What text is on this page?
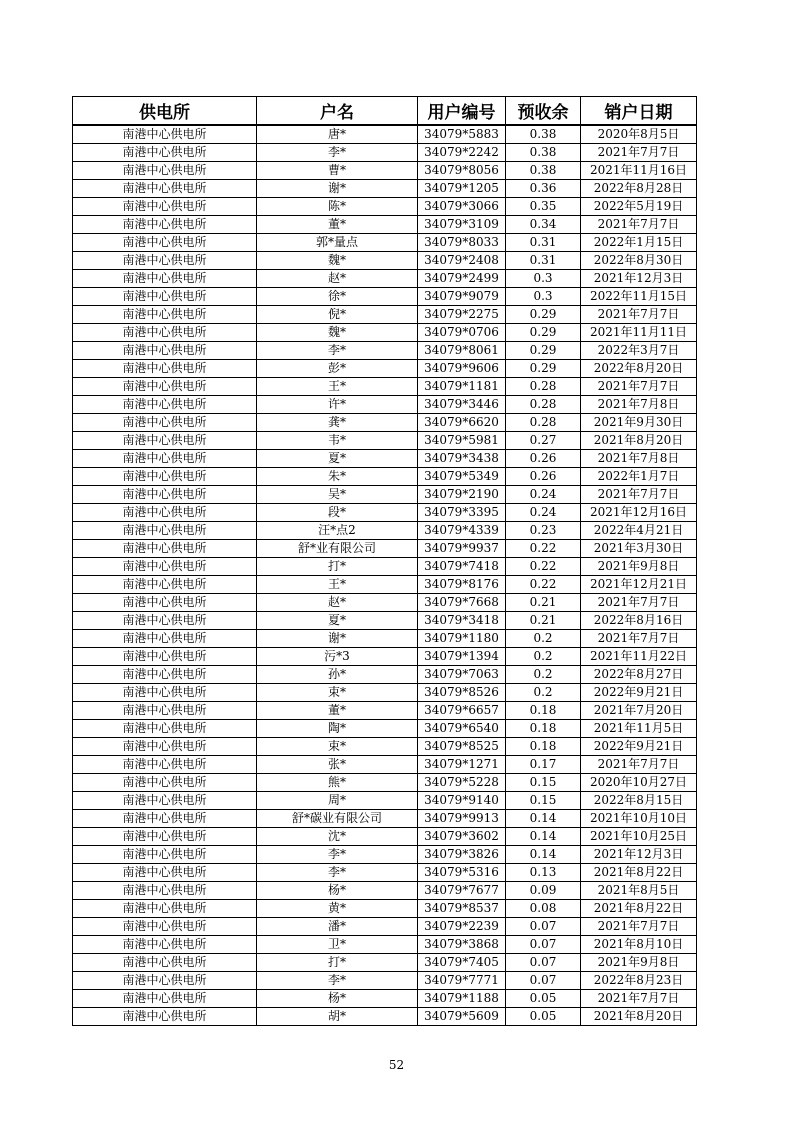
供电所	户名	用户编号	预收余	销户日期
南港中心供电所	唐*	34079*5883	0.38	2020年8月5日
南港中心供电所	李*	34079*2242	0.38	2021年7月7日
南港中心供电所	曹*	34079*8056	0.38	2021年11月16日
南港中心供电所	谢*	34079*1205	0.36	2022年8月28日
南港中心供电所	陈*	34079*3066	0.35	2022年5月19日
南港中心供电所	董*	34079*3109	0.34	2021年7月7日
南港中心供电所	郭*量点	34079*8033	0.31	2022年1月15日
南港中心供电所	魏*	34079*2408	0.31	2022年8月30日
南港中心供电所	赵*	34079*2499	0.3	2021年12月3日
南港中心供电所	徐*	34079*9079	0.3	2022年11月15日
南港中心供电所	倪*	34079*2275	0.29	2021年7月7日
南港中心供电所	魏*	34079*0706	0.29	2021年11月11日
南港中心供电所	李*	34079*8061	0.29	2022年3月7日
南港中心供电所	彭*	34079*9606	0.29	2022年8月20日
南港中心供电所	王*	34079*1181	0.28	2021年7月7日
南港中心供电所	许*	34079*3446	0.28	2021年7月8日
南港中心供电所	龚*	34079*6620	0.28	2021年9月30日
南港中心供电所	韦*	34079*5981	0.27	2021年8月20日
南港中心供电所	夏*	34079*3438	0.26	2021年7月8日
南港中心供电所	朱*	34079*5349	0.26	2022年1月7日
南港中心供电所	吴*	34079*2190	0.24	2021年7月7日
南港中心供电所	段*	34079*3395	0.24	2021年12月16日
南港中心供电所	汪*点2	34079*4339	0.23	2022年4月21日
南港中心供电所	舒*业有限公司	34079*9937	0.22	2021年3月30日
南港中心供电所	打*	34079*7418	0.22	2021年9月8日
南港中心供电所	王*	34079*8176	0.22	2021年12月21日
南港中心供电所	赵*	34079*7668	0.21	2021年7月7日
南港中心供电所	夏*	34079*3418	0.21	2022年8月16日
南港中心供电所	谢*	34079*1180	0.2	2021年7月7日
南港中心供电所	污*3	34079*1394	0.2	2021年11月22日
南港中心供电所	孙*	34079*7063	0.2	2022年8月27日
南港中心供电所	束*	34079*8526	0.2	2022年9月21日
南港中心供电所	董*	34079*6657	0.18	2021年7月20日
南港中心供电所	陶*	34079*6540	0.18	2021年11月5日
南港中心供电所	束*	34079*8525	0.18	2022年9月21日
南港中心供电所	张*	34079*1271	0.17	2021年7月7日
南港中心供电所	熊*	34079*5228	0.15	2020年10月27日
南港中心供电所	周*	34079*9140	0.15	2022年8月15日
南港中心供电所	舒*碳业有限公司	34079*9913	0.14	2021年10月10日
南港中心供电所	沈*	34079*3602	0.14	2021年10月25日
南港中心供电所	李*	34079*3826	0.14	2021年12月3日
南港中心供电所	李*	34079*5316	0.13	2021年8月22日
南港中心供电所	杨*	34079*7677	0.09	2021年8月5日
南港中心供电所	黄*	34079*8537	0.08	2021年8月22日
南港中心供电所	潘*	34079*2239	0.07	2021年7月7日
南港中心供电所	卫*	34079*3868	0.07	2021年8月10日
南港中心供电所	打*	34079*7405	0.07	2021年9月8日
南港中心供电所	李*	34079*7771	0.07	2022年8月23日
南港中心供电所	杨*	34079*1188	0.05	2021年7月7日
南港中心供电所	胡*	34079*5609	0.05	2021年8月20日
52
